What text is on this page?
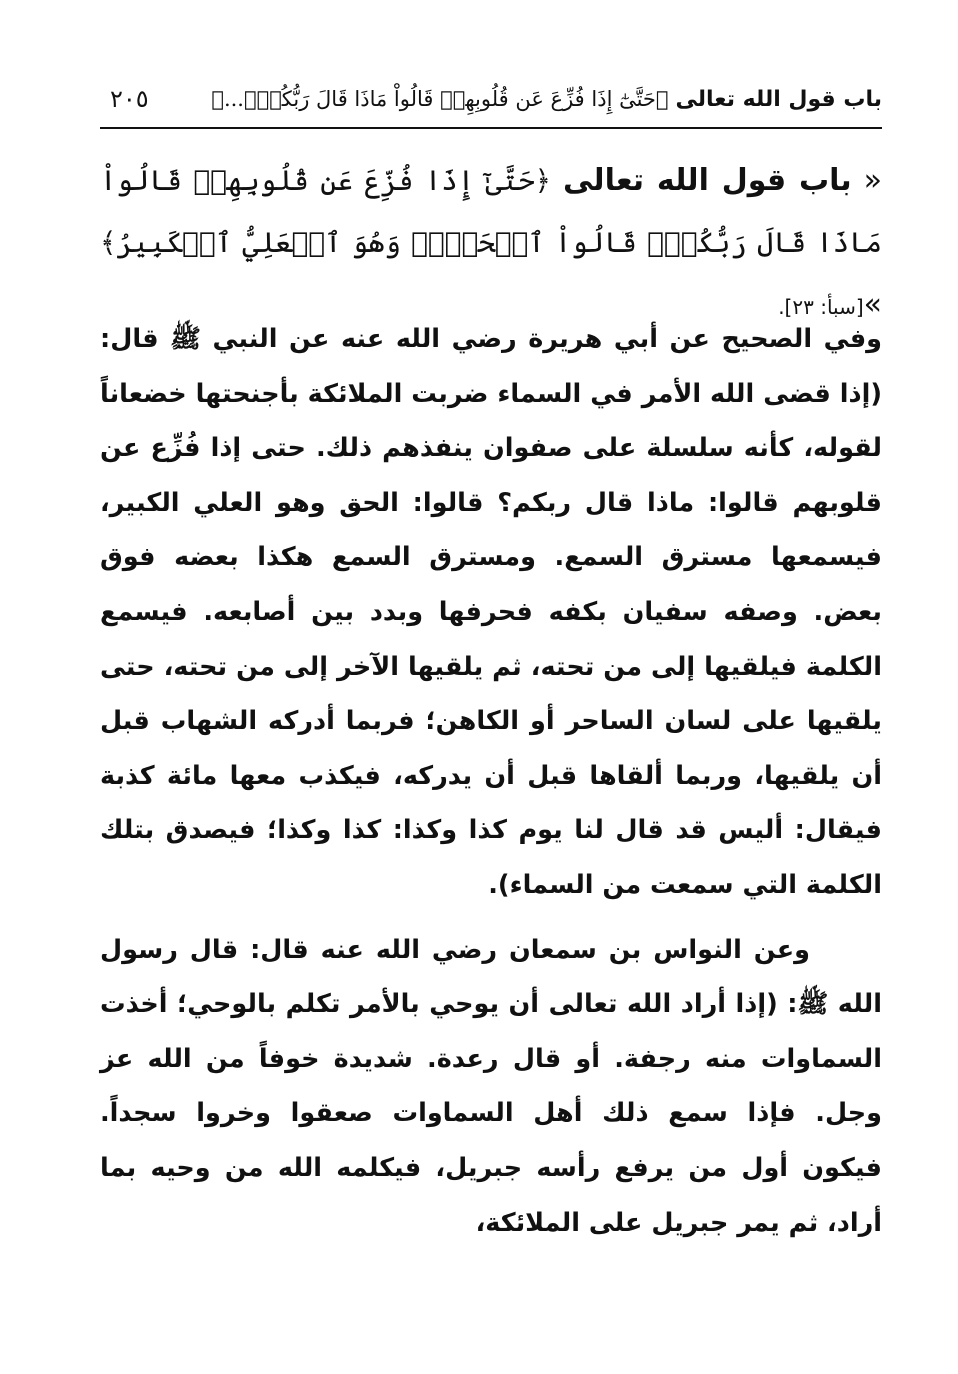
باب قول الله تعالى ﴿حَتَّىٰٓ إِذَا فُزِّعَ عَن قُلُوبِهِمۡ قَالُواْ مَاذَا قَالَ رَبُّكُمۡۖ...﴾
٢٠٥
« باب قول الله تعالى ﴿حَتَّىٰٓ إِذَا فُزِّعَ عَن قُلُوبِهِمۡ قَالُواْ مَاذَا قَالَ رَبُّكُمۡۖ قَالُواْ ٱلۡحَقَّۖ وَهُوَ ٱلۡعَلِيُّ ٱلۡكَبِيرُ﴾ »[سبأ: ٢٣].

وفي الصحيح عن أبي هريرة رضي الله عنه عن النبي ﷺ قال: (إذا قضى الله الأمر في السماء ضربت الملائكة بأجنحتها خضعاناً لقوله، كأنه سلسلة على صفوان ينفذهم ذلك. حتى إذا فُزِّع عن قلوبهم قالوا: ماذا قال ربكم؟ قالوا: الحق وهو العلي الكبير، فيسمعها مسترق السمع. ومسترق السمع هكذا بعضه فوق بعض. وصفه سفيان بكفه فحرفها وبدد بين أصابعه. فيسمع الكلمة فيلقيها إلى من تحته، ثم يلقيها الآخر إلى من تحته، حتى يلقيها على لسان الساحر أو الكاهن؛ فربما أدركه الشهاب قبل أن يلقيها، وربما ألقاها قبل أن يدركه، فيكذب معها مائة كذبة فيقال: أليس قد قال لنا يوم كذا وكذا: كذا وكذا؛ فيصدق بتلك الكلمة التي سمعت من السماء).

وعن النواس بن سمعان رضي الله عنه قال: قال رسول الله ﷺ: (إذا أراد الله تعالى أن يوحي بالأمر تكلم بالوحي؛ أخذت السماوات منه رجفة. أو قال رعدة. شديدة خوفاً من الله عز وجل. فإذا سمع ذلك أهل السماوات صعقوا وخروا سجداً. فيكون أول من يرفع رأسه جبريل، فيكلمه الله من وحيه بما أراد، ثم يمر جبريل على الملائكة،
